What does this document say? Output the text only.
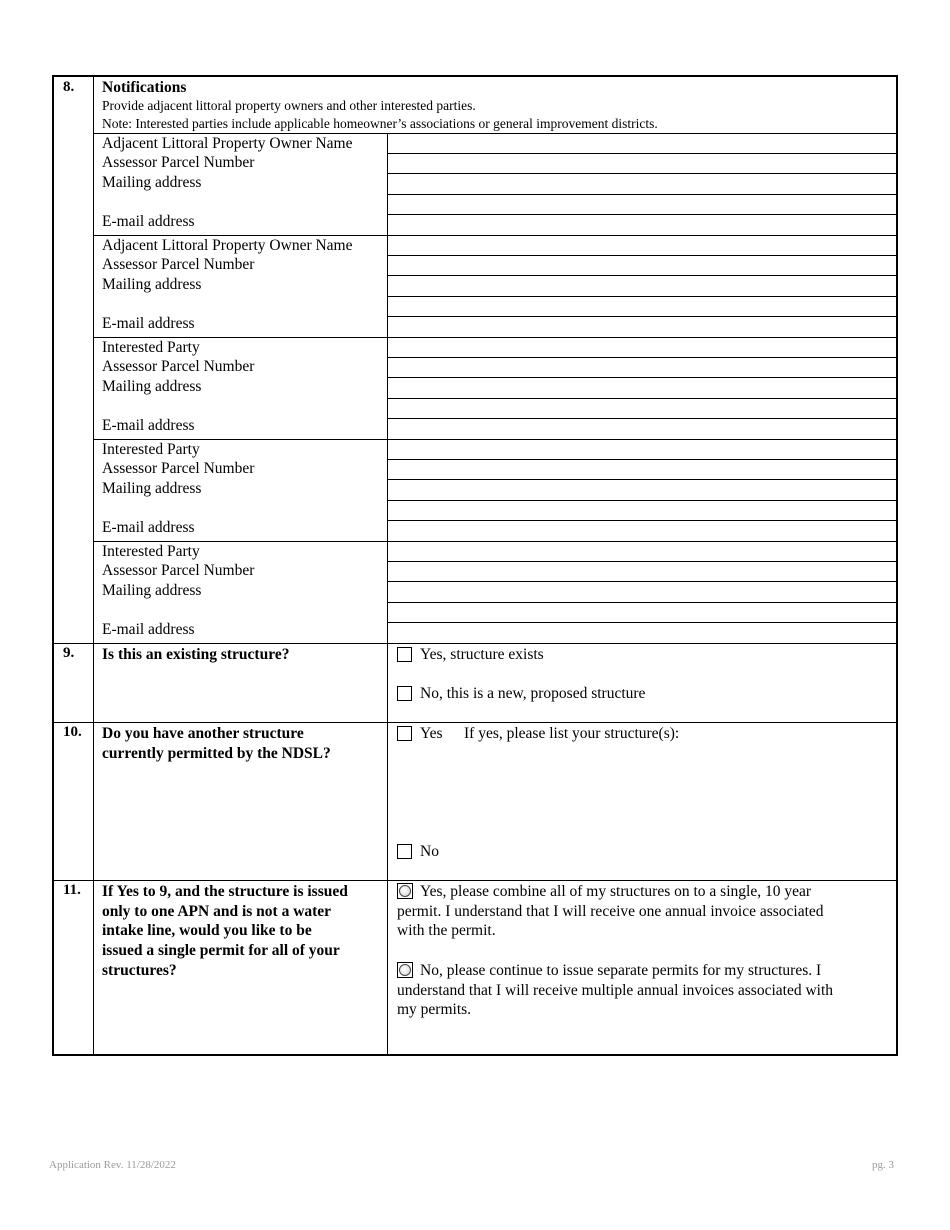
8. Notifications
Provide adjacent littoral property owners and other interested parties.
Note: Interested parties include applicable homeowner’s associations or general improvement districts.
Adjacent Littoral Property Owner Name
Assessor Parcel Number
Mailing address
E-mail address
Adjacent Littoral Property Owner Name
Assessor Parcel Number
Mailing address
E-mail address
Interested Party
Assessor Parcel Number
Mailing address
E-mail address
Interested Party
Assessor Parcel Number
Mailing address
E-mail address
Interested Party
Assessor Parcel Number
Mailing address
E-mail address
9. Is this an existing structure?	Yes, structure exists
No, this is a new, proposed structure
10. Do you have another structure
currently permitted by the NDSL?
Yes If yes, please list your structure(s):
No
11. If Yes to 9, and the structure is issued
only to one APN and is not a water
intake line, would you like to be
issued a single permit for all of your
structures?
Yes, please combine all of my structures on to a single, 10 year
permit. I understand that I will receive one annual invoice associated
with the permit.
No, please continue to issue separate permits for my structures. I
understand that I will receive multiple annual invoices associated with
my permits.
Application Rev. 11/28/2022	pg. 3
